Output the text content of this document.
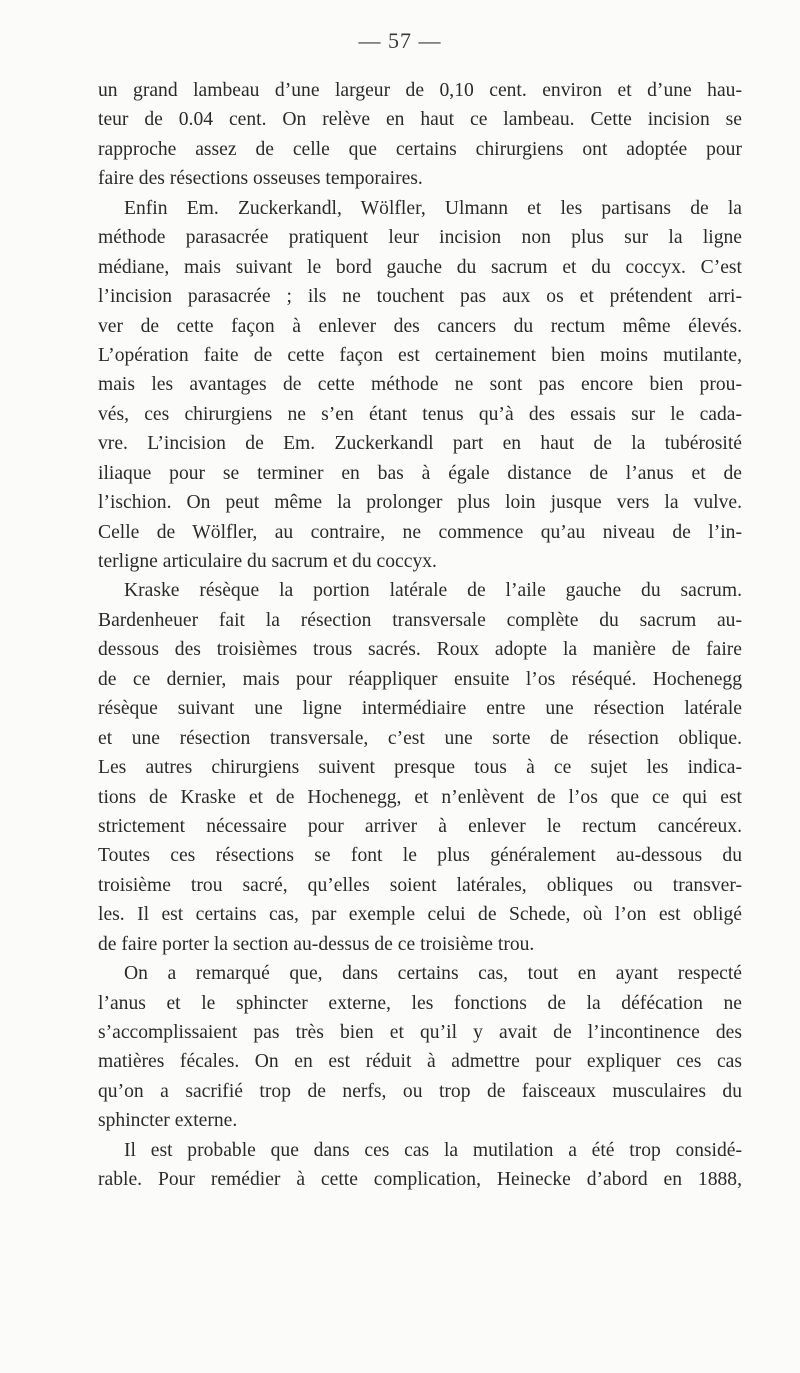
— 57 —
un grand lambeau d’une largeur de 0,10 cent. environ et d’une hau-
teur de 0.04 cent. On relève en haut ce lambeau. Cette incision se
rapproche assez de celle que certains chirurgiens ont adoptée pour
faire des résections osseuses temporaires.
Enfin Em. Zuckerkandl, Wölfler, Ulmann et les partisans de la
méthode parasacrée pratiquent leur incision non plus sur la ligne
médiane, mais suivant le bord gauche du sacrum et du coccyx. C’est
l’incision parasacrée ; ils ne touchent pas aux os et prétendent arri-
ver de cette façon à enlever des cancers du rectum même élevés.
L’opération faite de cette façon est certainement bien moins mutilante,
mais les avantages de cette méthode ne sont pas encore bien prou-
vés, ces chirurgiens ne s’en étant tenus qu’à des essais sur le cada-
vre. L’incision de Em. Zuckerkandl part en haut de la tubérosité
iliaque pour se terminer en bas à égale distance de l’anus et de
l’ischion. On peut même la prolonger plus loin jusque vers la vulve.
Celle de Wölfler, au contraire, ne commence qu’au niveau de l’in-
terligne articulaire du sacrum et du coccyx.
Kraske résèque la portion latérale de l’aile gauche du sacrum.
Bardenheuer fait la résection transversale complète du sacrum au-
dessous des troisièmes trous sacrés. Roux adopte la manière de faire
de ce dernier, mais pour réappliquer ensuite l’os réséqué. Hochenegg
résèque suivant une ligne intermédiaire entre une résection latérale
et une résection transversale, c’est une sorte de résection oblique.
Les autres chirurgiens suivent presque tous à ce sujet les indica-
tions de Kraske et de Hochenegg, et n’enlèvent de l’os que ce qui est
strictement nécessaire pour arriver à enlever le rectum cancéreux.
Toutes ces résections se font le plus généralement au-dessous du
troisième trou sacré, qu’elles soient latérales, obliques ou transver-
les. Il est certains cas, par exemple celui de Schede, où l’on est obligé
de faire porter la section au-dessus de ce troisième trou.
On a remarqué que, dans certains cas, tout en ayant respecté
l’anus et le sphincter externe, les fonctions de la défécation ne
s’accomplissaient pas très bien et qu’il y avait de l’incontinence des
matières fécales. On en est réduit à admettre pour expliquer ces cas
qu’on a sacrifié trop de nerfs, ou trop de faisceaux musculaires du
sphincter externe.
Il est probable que dans ces cas la mutilation a été trop considé-
rable. Pour remédier à cette complication, Heinecke d’abord en 1888,
